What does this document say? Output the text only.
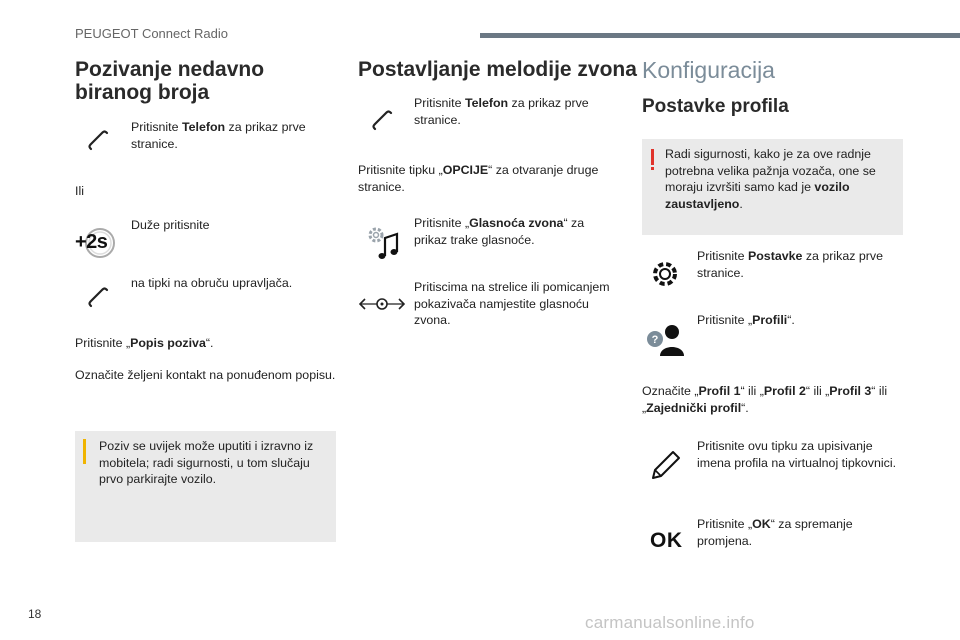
PEUGEOT Connect Radio
Pozivanje nedavno biranog broja
Pritisnite Telefon za prikaz prve stranice.
Ili
+2s
Duže pritisnite
na tipki na obruču upravljača.
Pritisnite „Popis poziva“.
Označite željeni kontakt na ponuđenom popisu.
Poziv se uvijek može uputiti i izravno iz mobitela; radi sigurnosti, u tom slučaju prvo parkirajte vozilo.
Postavljanje melodije zvona
Pritisnite Telefon za prikaz prve stranice.
Pritisnite tipku „OPCIJE“ za otvaranje druge stranice.
Pritisnite „Glasnoća zvona“ za prikaz trake glasnoće.
Pritiscima na strelice ili pomicanjem pokazivača namjestite glasnoću zvona.
Konfiguracija
Postavke profila
Radi sigurnosti, kako je za ove radnje potrebna velika pažnja vozača, one se moraju izvršiti samo kad je vozilo zaustavljeno.
Pritisnite Postavke za prikaz prve stranice.
?
Pritisnite „Profili“.
Označite „Profil 1“ ili „Profil 2“ ili „Profil 3“ ili „Zajednički profil“.
Pritisnite ovu tipku za upisivanje imena profila na virtualnoj tipkovnici.
OK
Pritisnite „OK“ za spremanje promjena.
18	carmanualsonline.info
